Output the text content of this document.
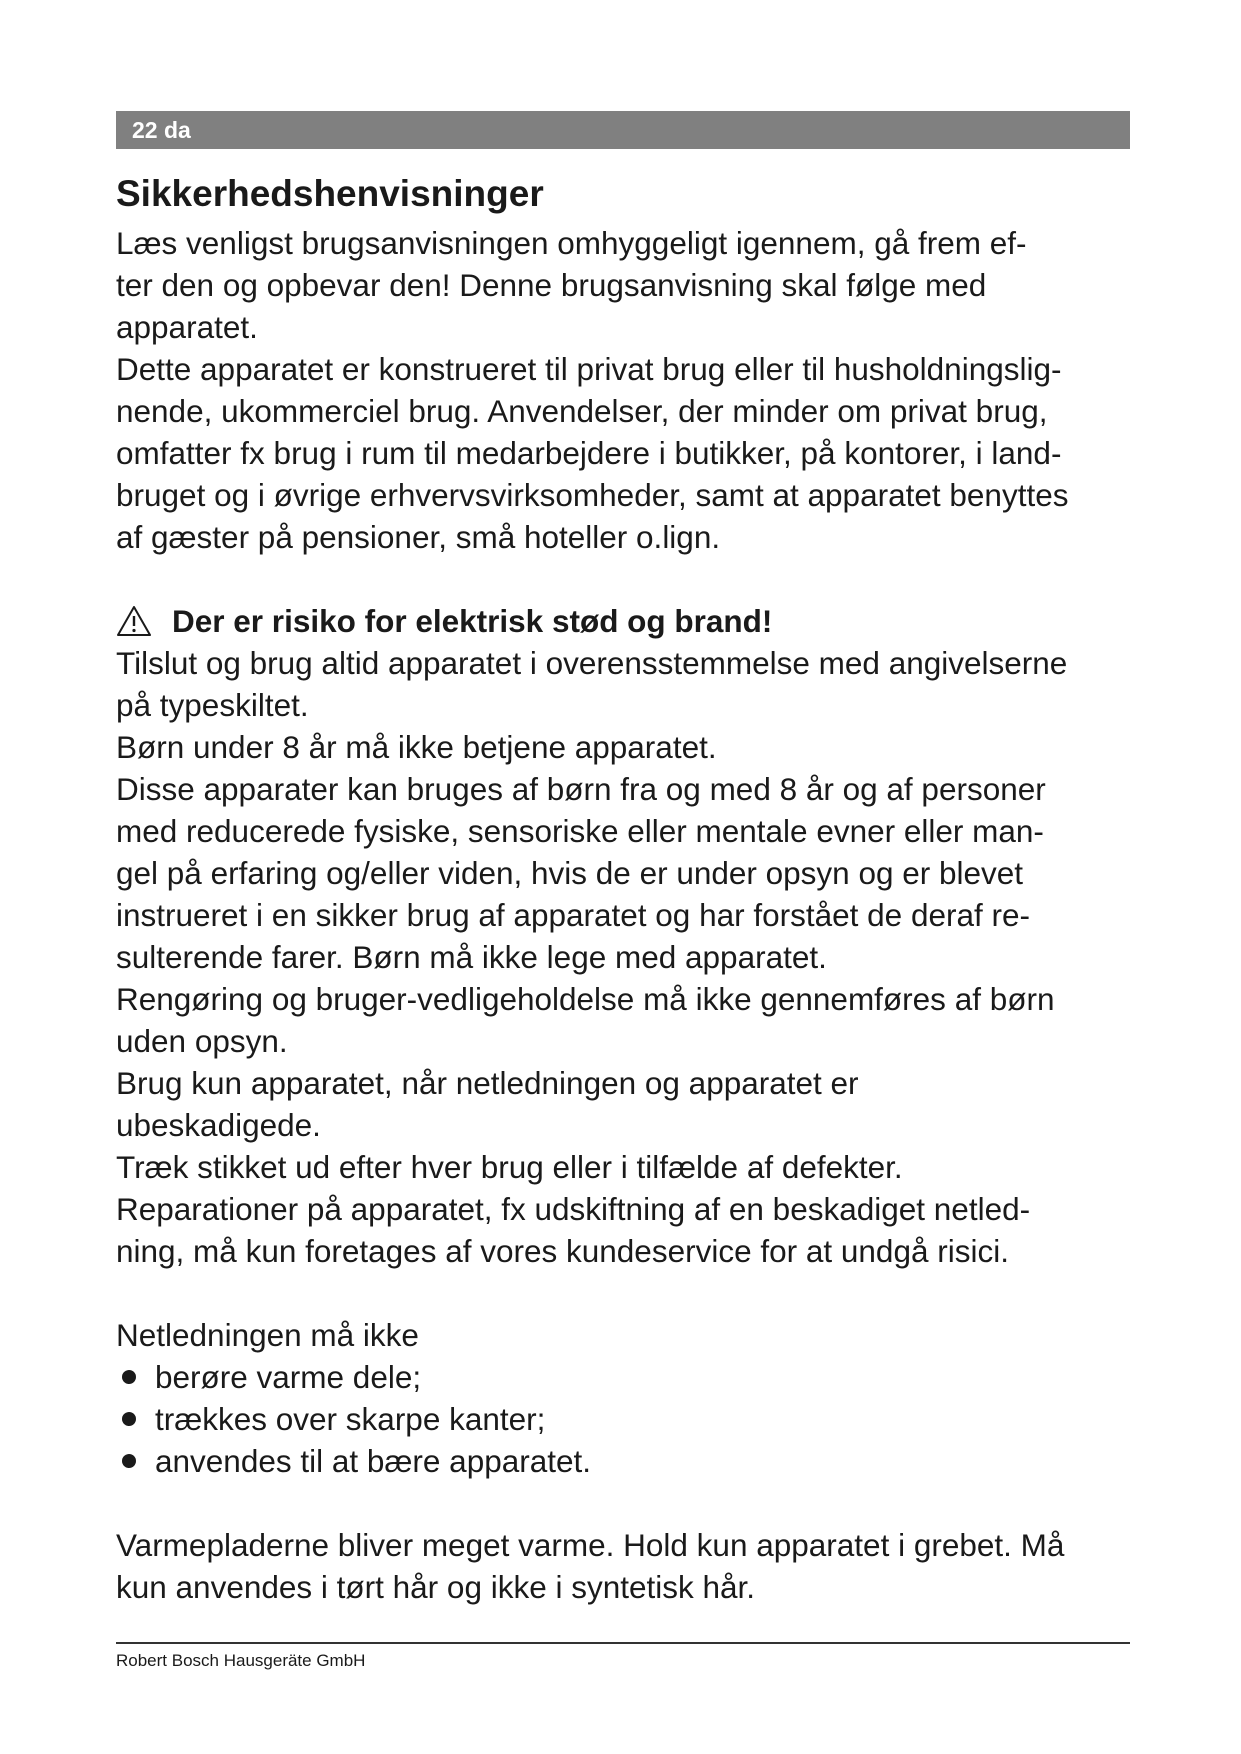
22 da
Sikkerhedshenvisninger

Læs venligst brugsanvisningen omhyggeligt igennem, gå frem ef-
ter den og opbevar den! Denne brugsanvisning skal følge med
apparatet.

Dette apparatet er konstrueret til privat brug eller til husholdningslig-
nende, ukommerciel brug. Anvendelser, der minder om privat brug,
omfatter fx brug i rum til medarbejdere i butikker, på kontorer, i land-
bruget og i øvrige erhvervsvirksomheder, samt at apparatet benyttes
af gæster på pensioner, små hoteller o.lign.

Der er risiko for elektrisk stød og brand!

Tilslut og brug altid apparatet i overensstemmelse med angivelserne
på typeskiltet.

Børn under 8 år må ikke betjene apparatet.

Disse apparater kan bruges af børn fra og med 8 år og af personer
med reducerede fysiske, sensoriske eller mentale evner eller man-
gel på erfaring og/eller viden, hvis de er under opsyn og er blevet
instrueret i en sikker brug af apparatet og har forstået de deraf re-
sulterende farer. Børn må ikke lege med apparatet.

Rengøring og bruger-vedligeholdelse må ikke gennemføres af børn
uden opsyn.

Brug kun apparatet, når netledningen og apparatet er
ubeskadigede.

Træk stikket ud efter hver brug eller i tilfælde af defekter.

Reparationer på apparatet, fx udskiftning af en beskadiget netled-
ning, må kun foretages af vores kundeservice for at undgå risici.

Netledningen må ikke

berøre varme dele;
trækkes over skarpe kanter;
anvendes til at bære apparatet.

Varmepladerne bliver meget varme. Hold kun apparatet i grebet. Må
kun anvendes i tørt hår og ikke i syntetisk hår.

Robert Bosch Hausgeräte GmbH
